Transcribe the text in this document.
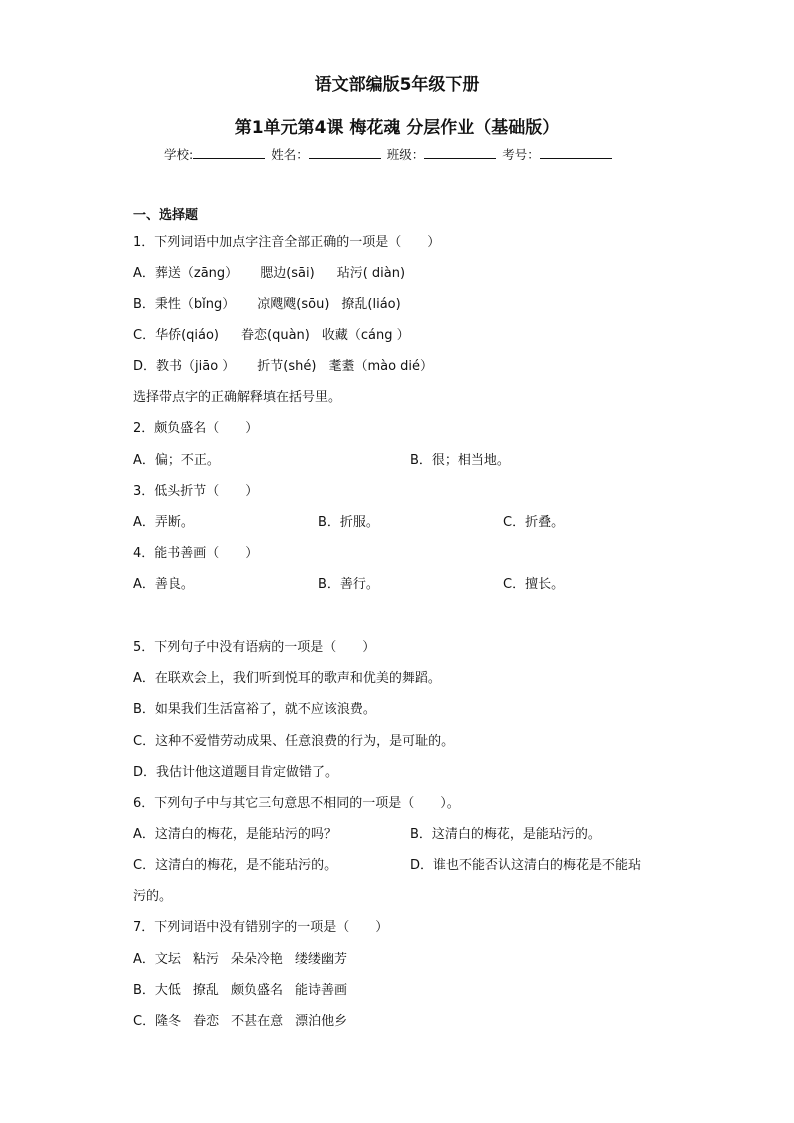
语文部编版5年级下册
第1单元第4课 梅花魂 分层作业（基础版）
学校:	姓名：	班级：	考号：
一、选择题
1．下列词语中加点字注音全部正确的一项是（　　）
A．葬送（zāng） 腮边(sāi) 玷污( diàn)
B．秉性（bǐng） 凉飕飕(sōu) 撩乱(liáo)
C．华侨(qiáo) 眷恋(quàn) 收藏（cáng ）
D．教书（jiāo ） 折节(shé) 耄耋（mào dié）
选择带点字的正确解释填在括号里。
2．颇负盛名（　　）
A．偏；不正。	B．很；相当地。
3．低头折节（　　）
A．弄断。	B．折服。	C．折叠。
4．能书善画（　　）
A．善良。	B．善行。	C．擅长。
5．下列句子中没有语病的一项是（　　）
A．在联欢会上，我们听到悦耳的歌声和优美的舞蹈。
B．如果我们生活富裕了，就不应该浪费。
C．这种不爱惜劳动成果、任意浪费的行为，是可耻的。
D．我估计他这道题目肯定做错了。
6．下列句子中与其它三句意思不相同的一项是（　　）。
A．这清白的梅花，是能玷污的吗？	B．这清白的梅花，是能玷污的。
C．这清白的梅花，是不能玷污的。	D．谁也不能否认这清白的梅花是不能玷
污的。
7．下列词语中没有错别字的一项是（　　）
A．文坛 粘污 朵朵冷艳 缕缕幽芳
B．大低 撩乱 颇负盛名 能诗善画
C．隆冬 眷恋 不甚在意 漂泊他乡
